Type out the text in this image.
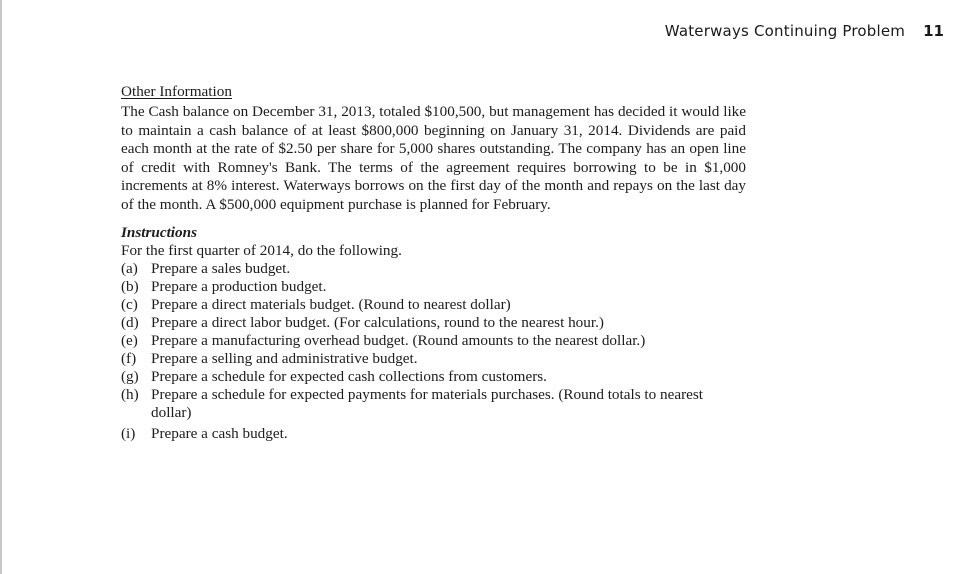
Waterways Continuing Problem 11
Other Information

The Cash balance on December 31, 2013, totaled $100,500, but management has decided it would like to maintain a cash balance of at least $800,000 beginning on January 31, 2014. Dividends are paid each month at the rate of $2.50 per share for 5,000 shares outstanding. The company has an open line of credit with Romney's Bank. The terms of the agreement requires borrowing to be in $1,000 increments at 8% interest. Waterways borrows on the first day of the month and repays on the last day of the month. A $500,000 equipment purchase is planned for February.

Instructions

For the first quarter of 2014, do the following.

(a) Prepare a sales budget.
(b) Prepare a production budget.
(c) Prepare a direct materials budget. (Round to nearest dollar)
(d) Prepare a direct labor budget. (For calculations, round to the nearest hour.)
(e) Prepare a manufacturing overhead budget. (Round amounts to the nearest dollar.)
(f) Prepare a selling and administrative budget.
(g) Prepare a schedule for expected cash collections from customers.
(h) Prepare a schedule for expected payments for materials purchases. (Round totals to nearest dollar)
(i)	Prepare a cash budget.
